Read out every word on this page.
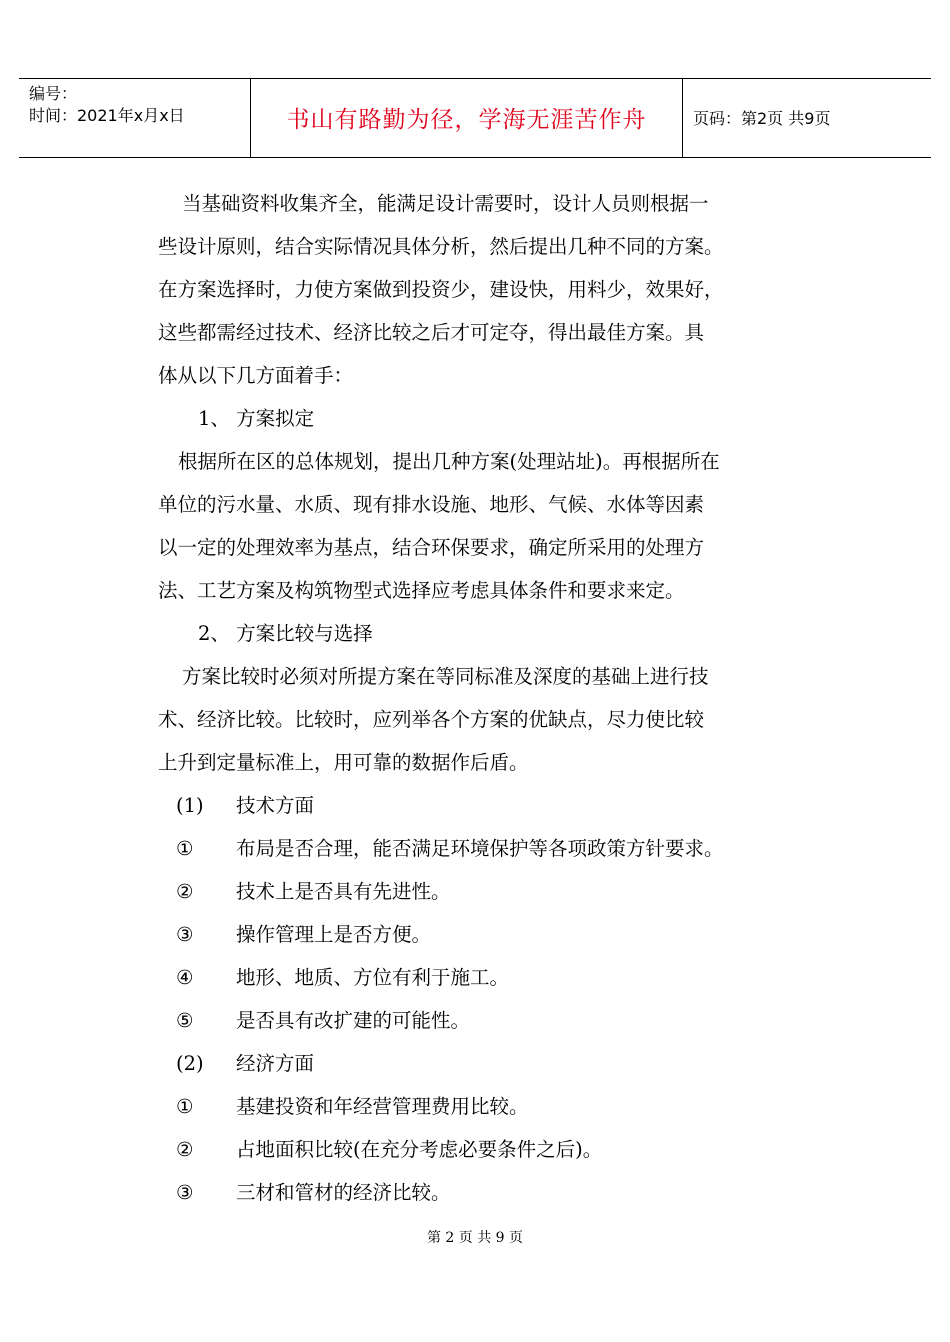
编号：
时间：2021年x月x日	书山有路勤为径，学海无涯苦作舟	页码：第2页 共9页

当基础资料收集齐全，能满足设计需要时，设计人员则根据一

些设计原则，结合实际情况具体分析，然后提出几种不同的方案。

在方案选择时，力使方案做到投资少，建设快，用料少，效果好，

这些都需经过技术、经济比较之后才可定夺，得出最佳方案。具

体从以下几方面着手：

1、 方案拟定

根据所在区的总体规划，提出几种方案(处理站址)。再根据所在

单位的污水量、水质、现有排水设施、地形、气候、水体等因素

以一定的处理效率为基点，结合环保要求，确定所采用的处理方

法、工艺方案及构筑物型式选择应考虑具体条件和要求来定。

2、 方案比较与选择

方案比较时必须对所提方案在等同标准及深度的基础上进行技

术、经济比较。比较时，应列举各个方案的优缺点，尽力使比较

上升到定量标准上，用可靠的数据作后盾。

(1)	技术方面
①	布局是否合理，能否满足环境保护等各项政策方针要求。
②	技术上是否具有先进性。
③	操作管理上是否方便。
④	地形、地质、方位有利于施工。
⑤	是否具有改扩建的可能性。
(2)	经济方面
①	基建投资和年经营管理费用比较。
②	占地面积比较(在充分考虑必要条件之后)。
③	三材和管材的经济比较。
第 2 页 共 9 页
